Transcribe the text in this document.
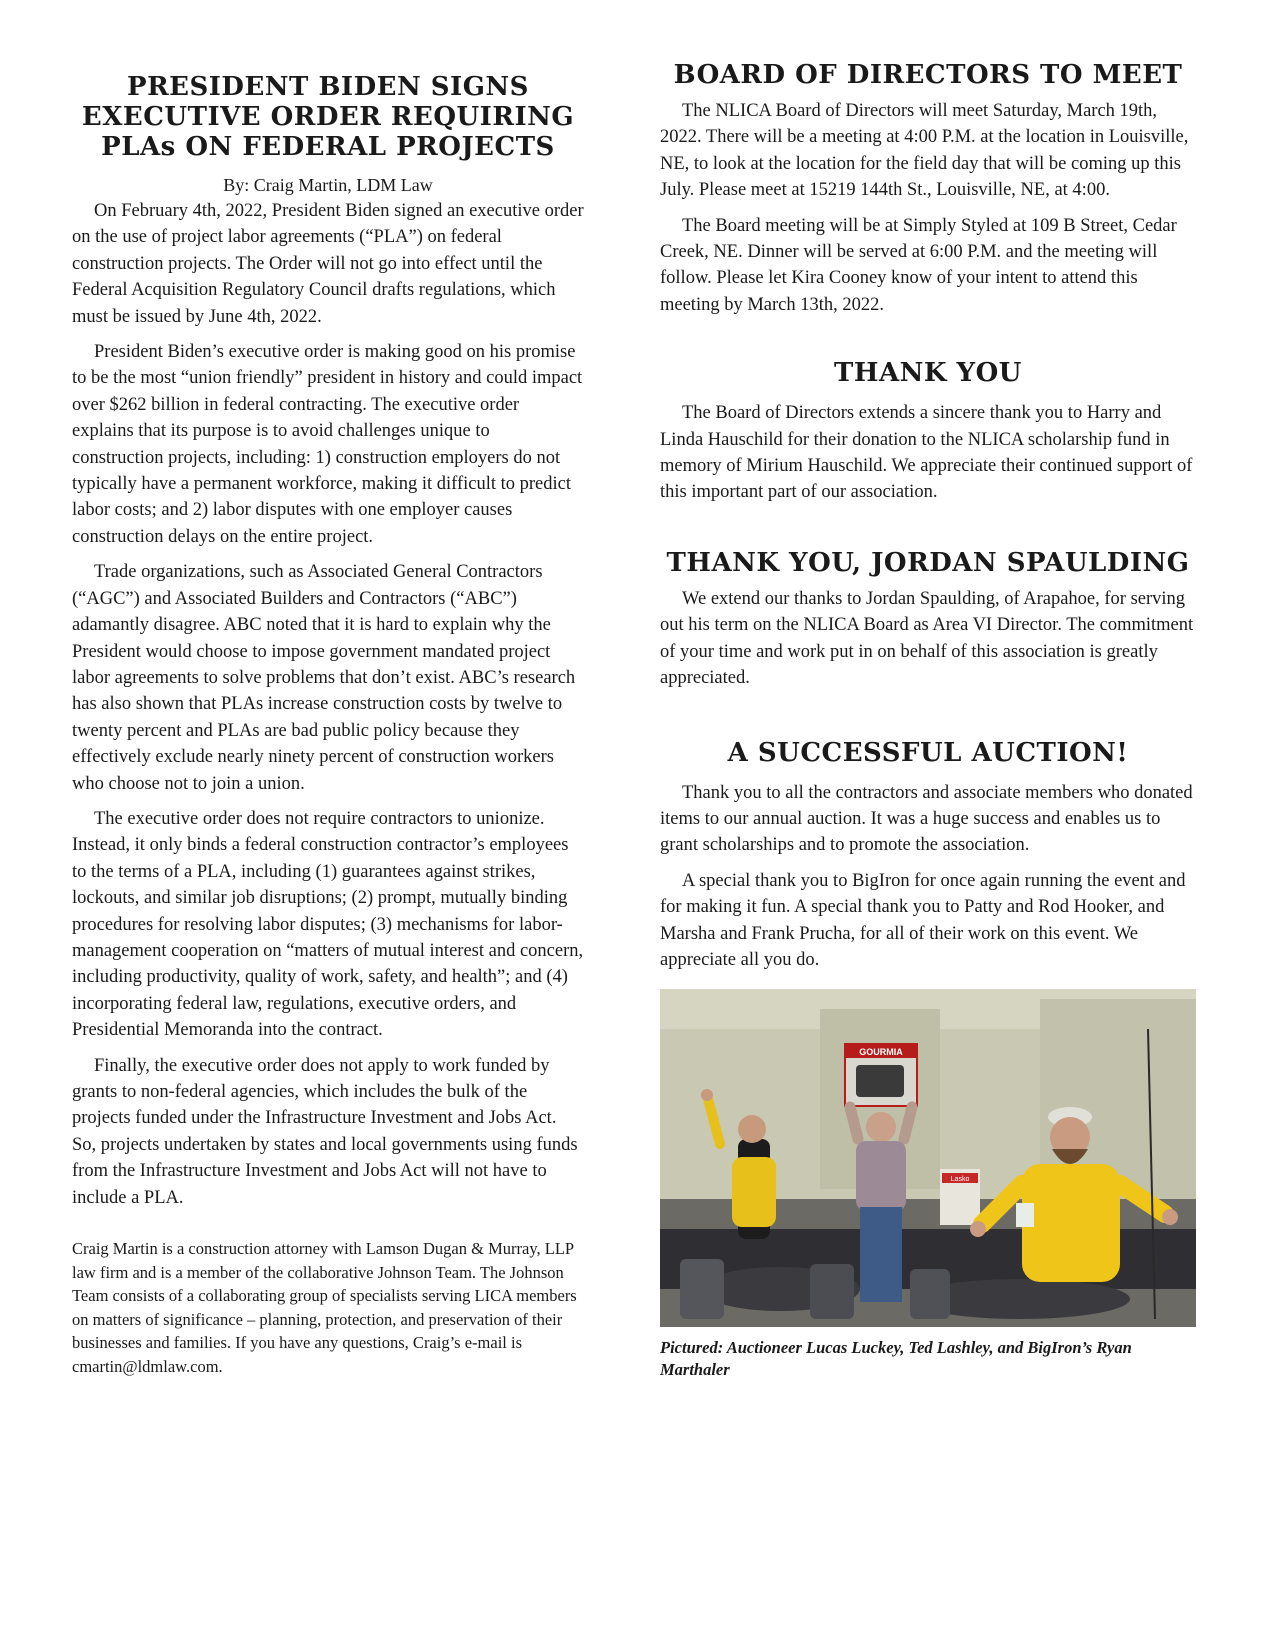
PRESIDENT BIDEN SIGNS
EXECUTIVE ORDER REQUIRING
PLAs ON FEDERAL PROJECTS

By: Craig Martin, LDM Law

On February 4th, 2022, President Biden signed an executive order on the use of project labor agreements (“PLA”) on federal construction projects. The Order will not go into effect until the Federal Acquisition Regulatory Council drafts regulations, which must be issued by June 4th, 2022.

President Biden’s executive order is making good on his promise to be the most “union friendly” president in history and could impact over $262 billion in federal contracting. The executive order explains that its purpose is to avoid challenges unique to construction projects, including: 1) construction employers do not typically have a permanent workforce, making it difficult to predict labor costs; and 2) labor disputes with one employer causes construction delays on the entire project.

Trade organizations, such as Associated General Contractors (“AGC”) and Associated Builders and Contractors (“ABC”) adamantly disagree. ABC noted that it is hard to explain why the President would choose to impose government mandated project labor agreements to solve problems that don’t exist. ABC’s research has also shown that PLAs increase construction costs by twelve to twenty percent and PLAs are bad public policy because they effectively exclude nearly ninety percent of construction workers who choose not to join a union.

The executive order does not require contractors to unionize. Instead, it only binds a federal construction contractor’s employees to the terms of a PLA, including (1) guarantees against strikes, lockouts, and similar job disruptions; (2) prompt, mutually binding procedures for resolving labor disputes; (3) mechanisms for labor-management cooperation on “matters of mutual interest and concern, including productivity, quality of work, safety, and health”; and (4) incorporating federal law, regulations, executive orders, and Presidential Memoranda into the contract.

Finally, the executive order does not apply to work funded by grants to non-federal agencies, which includes the bulk of the projects funded under the Infrastructure Investment and Jobs Act. So, projects undertaken by states and local governments using funds from the Infrastructure Investment and Jobs Act will not have to include a PLA.

Craig Martin is a construction attorney with Lamson Dugan & Murray, LLP law firm and is a member of the collaborative Johnson Team. The Johnson Team consists of a collaborating group of specialists serving LICA members on matters of significance – planning, protection, and preservation of their businesses and families. If you have any questions, Craig’s e-mail is cmartin@ldmlaw.com.

BOARD OF DIRECTORS TO MEET

The NLICA Board of Directors will meet Saturday, March 19th, 2022. There will be a meeting at 4:00 P.M. at the location in Louisville, NE, to look at the location for the field day that will be coming up this July. Please meet at 15219 144th St., Louisville, NE, at 4:00.

The Board meeting will be at Simply Styled at 109 B Street, Cedar Creek, NE. Dinner will be served at 6:00 P.M. and the meeting will follow. Please let Kira Cooney know of your intent to attend this meeting by March 13th, 2022.

THANK YOU

The Board of Directors extends a sincere thank you to Harry and Linda Hauschild for their donation to the NLICA scholarship fund in memory of Mirium Hauschild. We appreciate their continued support of this important part of our association.

THANK YOU, JORDAN SPAULDING

We extend our thanks to Jordan Spaulding, of Arapahoe, for serving out his term on the NLICA Board as Area VI Director. The commitment of your time and work put in on behalf of this association is greatly appreciated.

A SUCCESSFUL AUCTION!

Thank you to all the contractors and associate members who donated items to our annual auction. It was a huge success and enables us to grant scholarships and to promote the association.

A special thank you to BigIron for once again running the event and for making it fun. A special thank you to Patty and Rod Hooker, and Marsha and Frank Prucha, for all of their work on this event. We appreciate all you do.

Lasko
GOURMIA
Pictured: Auctioneer Lucas Luckey, Ted Lashley, and BigIron’s Ryan Marthaler
